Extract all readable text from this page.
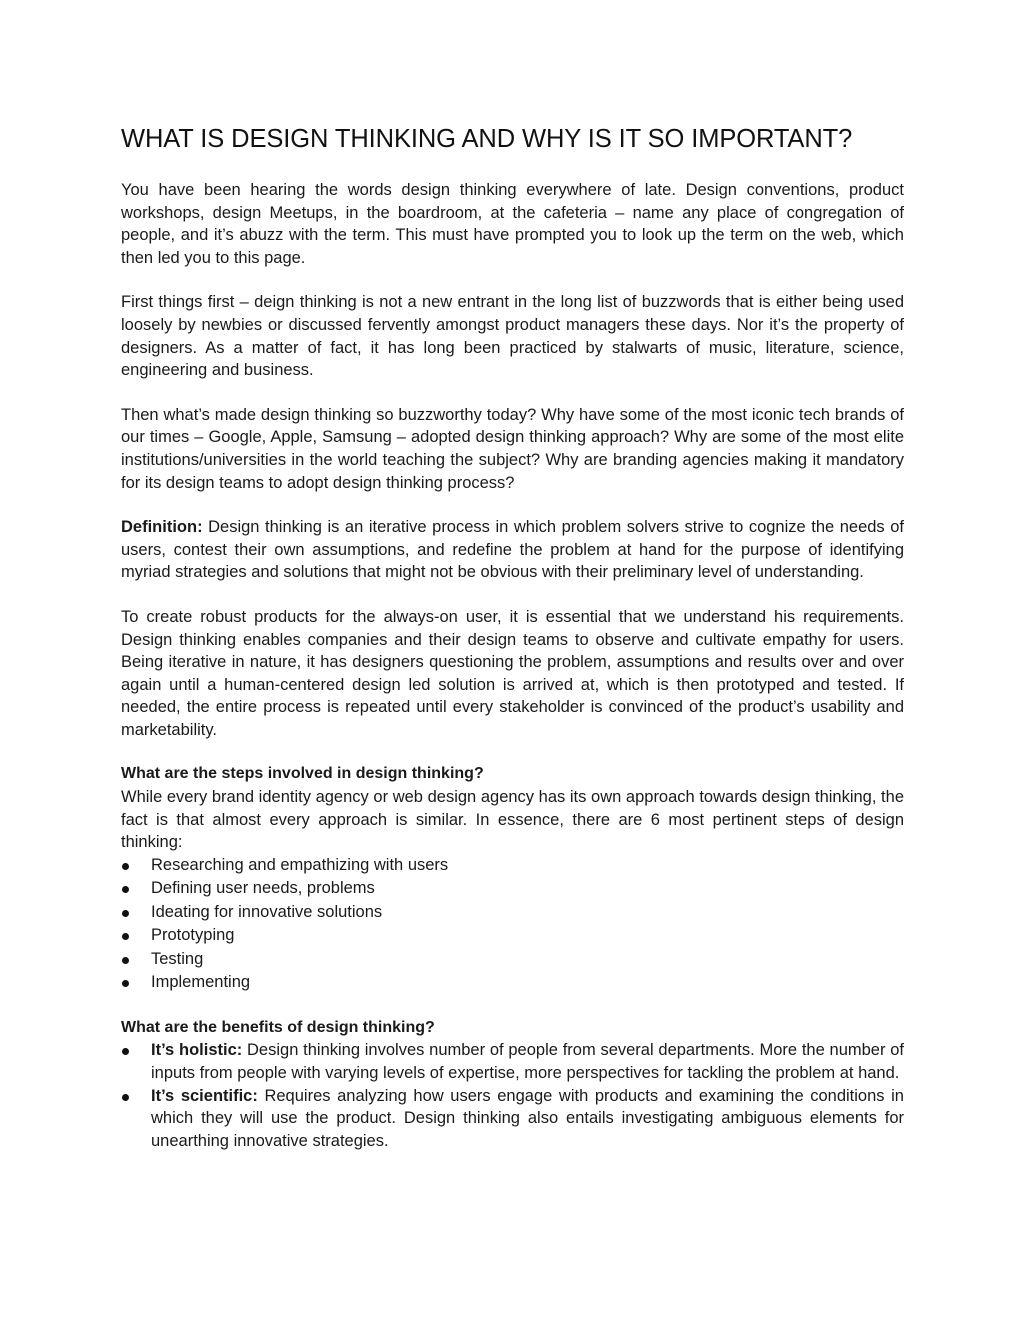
WHAT IS DESIGN THINKING AND WHY IS IT SO IMPORTANT?

You have been hearing the words design thinking everywhere of late. Design conventions, product workshops, design Meetups, in the boardroom, at the cafeteria – name any place of congregation of people, and it’s abuzz with the term. This must have prompted you to look up the term on the web, which then led you to this page.

First things first – deign thinking is not a new entrant in the long list of buzzwords that is either being used loosely by newbies or discussed fervently amongst product managers these days. Nor it’s the property of designers. As a matter of fact, it has long been practiced by stalwarts of music, literature, science, engineering and business.

Then what’s made design thinking so buzzworthy today? Why have some of the most iconic tech brands of our times – Google, Apple, Samsung – adopted design thinking approach? Why are some of the most elite institutions/universities in the world teaching the subject? Why are branding agencies making it mandatory for its design teams to adopt design thinking process?

Definition: Design thinking is an iterative process in which problem solvers strive to cognize the needs of users, contest their own assumptions, and redefine the problem at hand for the purpose of identifying myriad strategies and solutions that might not be obvious with their preliminary level of understanding.

To create robust products for the always-on user, it is essential that we understand his requirements. Design thinking enables companies and their design teams to observe and cultivate empathy for users. Being iterative in nature, it has designers questioning the problem, assumptions and results over and over again until a human-centered design led solution is arrived at, which is then prototyped and tested. If needed, the entire process is repeated until every stakeholder is convinced of the product’s usability and marketability.

What are the steps involved in design thinking?

While every brand identity agency or web design agency has its own approach towards design thinking, the fact is that almost every approach is similar. In essence, there are 6 most pertinent steps of design thinking:

Researching and empathizing with users
Defining user needs, problems
Ideating for innovative solutions
Prototyping
Testing
Implementing
What are the benefits of design thinking?
It’s holistic: Design thinking involves number of people from several departments. More the number of inputs from people with varying levels of expertise, more perspectives for tackling the problem at hand.
It’s scientific: Requires analyzing how users engage with products and examining the conditions in which they will use the product. Design thinking also entails investigating ambiguous elements for unearthing innovative strategies.
